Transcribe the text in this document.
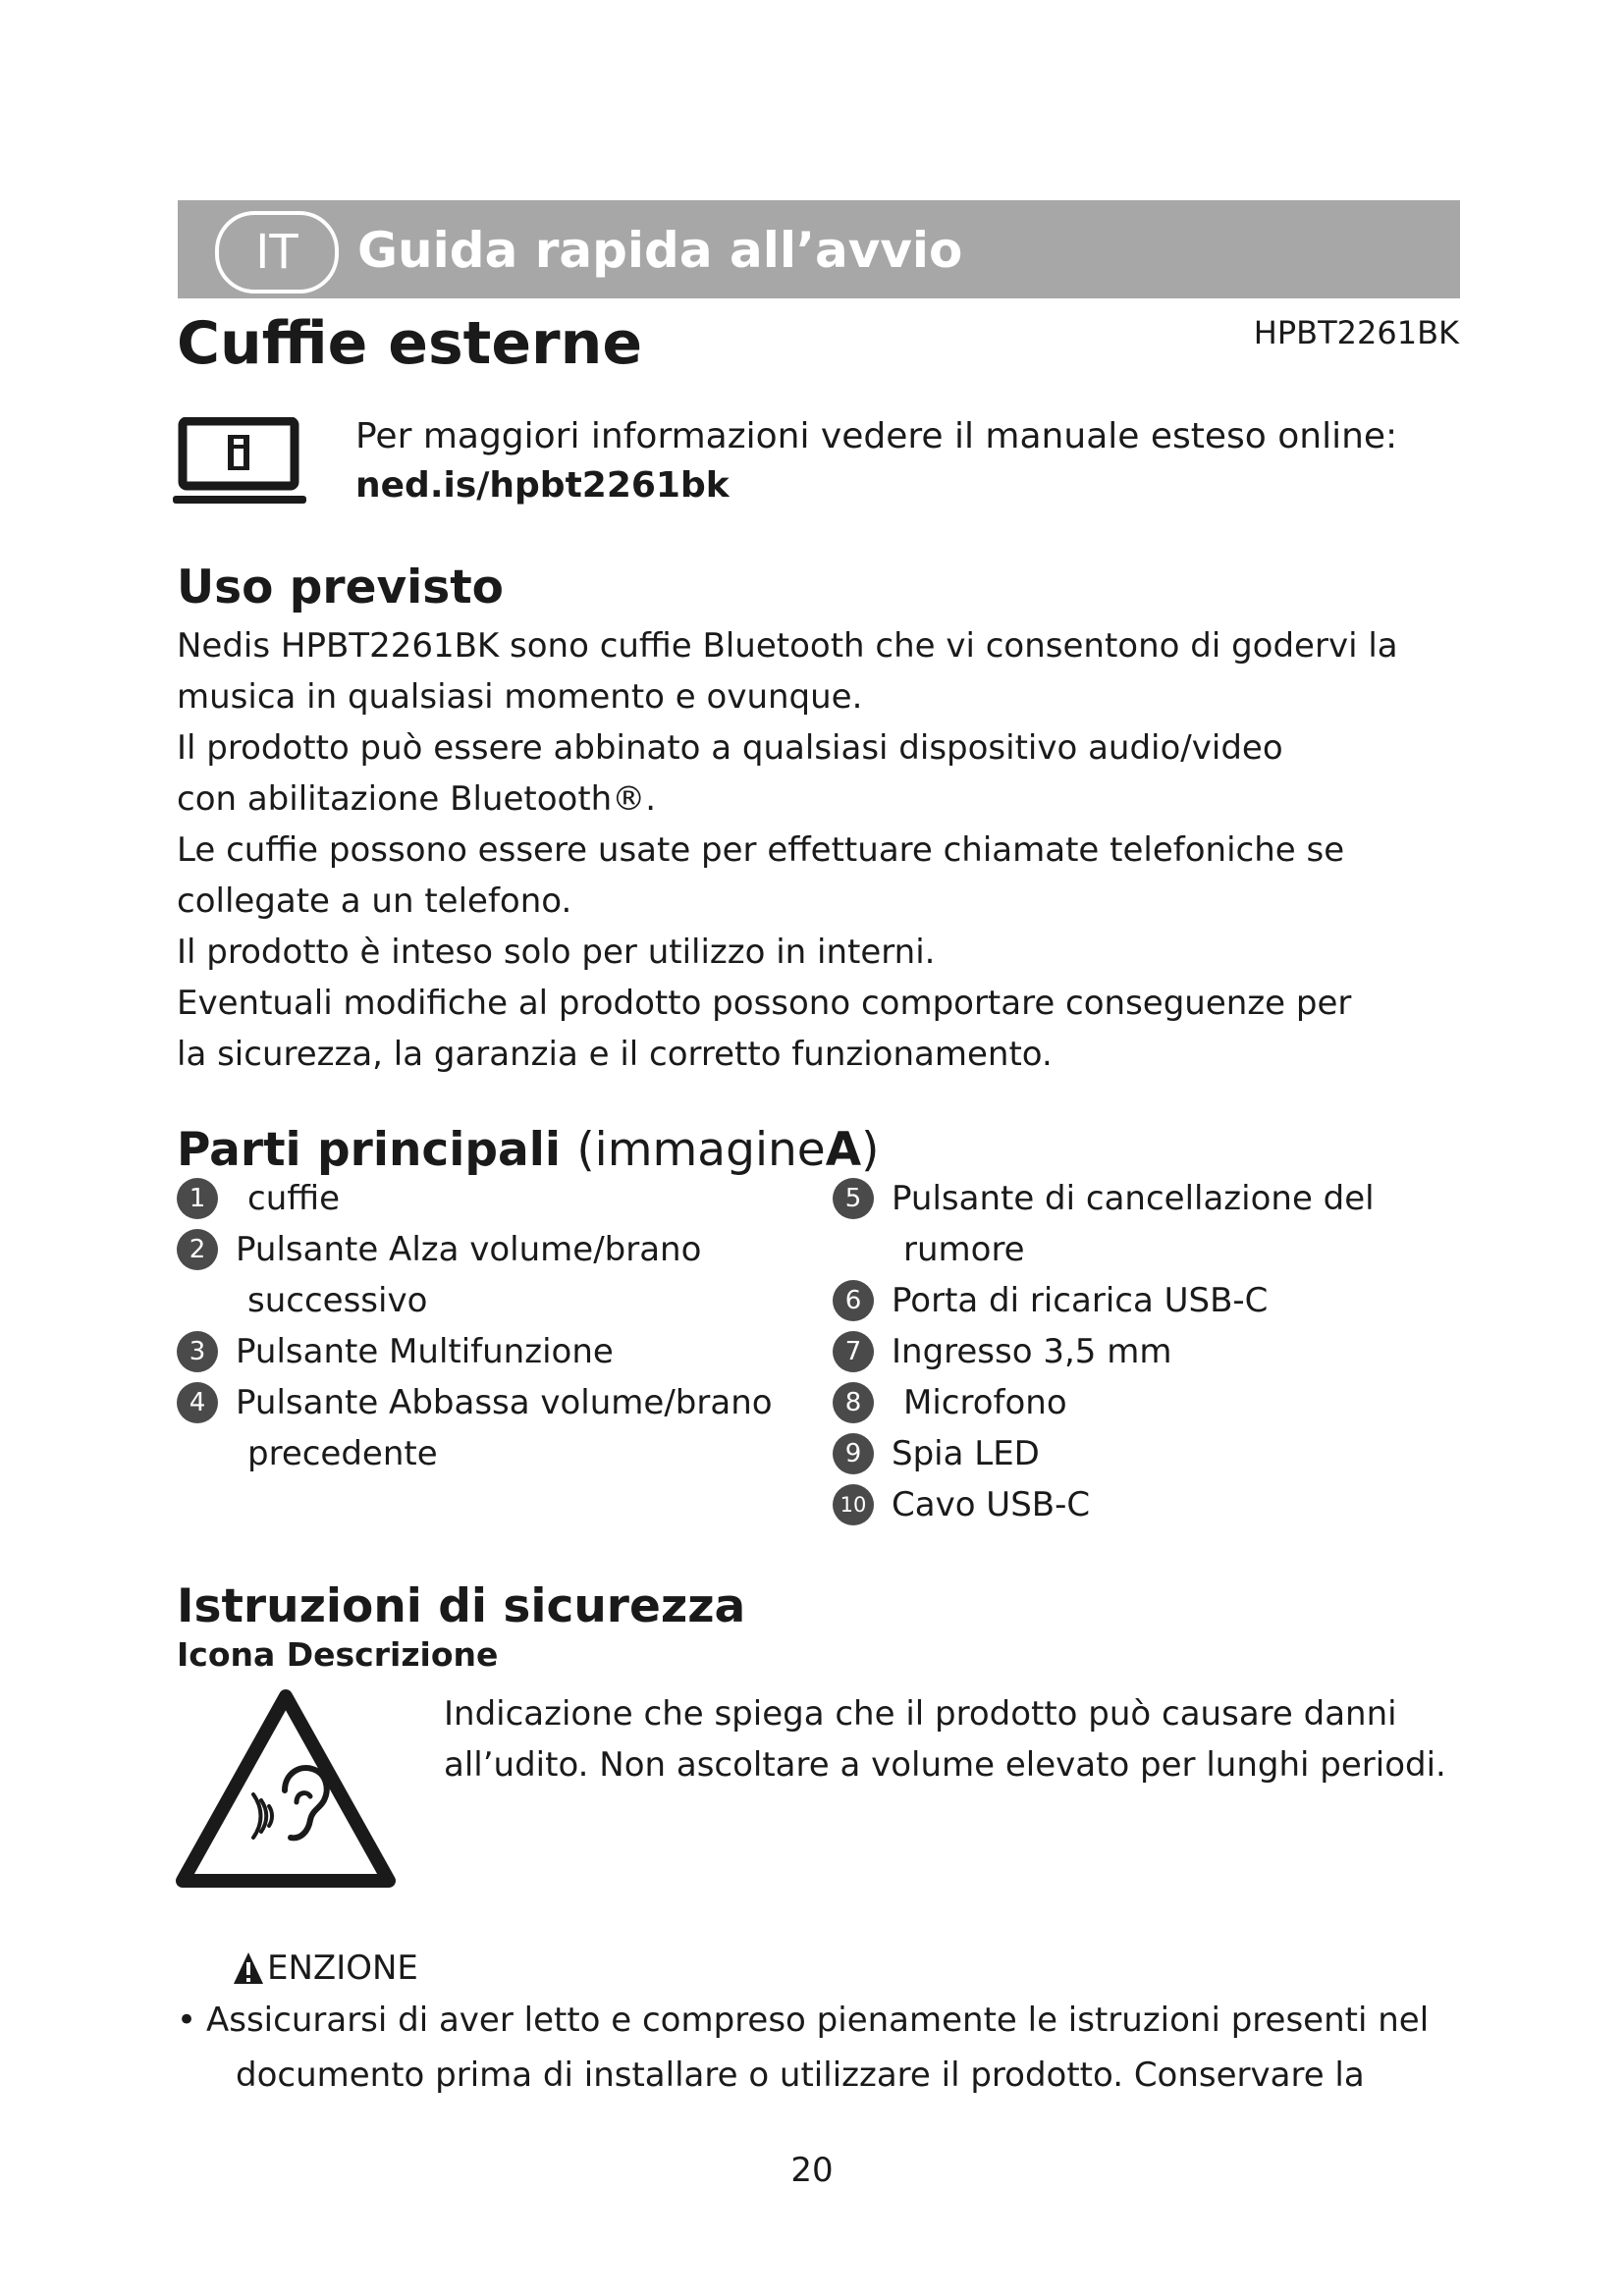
IT	Guida rapida all’avvio
Cuffie esterne	HPBT2261BK
Per maggiori informazioni vedere il manuale esteso online:
ned.is/hpbt2261bk
Uso previsto

Nedis HPBT2261BK sono cuffie Bluetooth che vi consentono di godervi la musica in qualsiasi momento e ovunque.

Il prodotto può essere abbinato a qualsiasi dispositivo audio/video con abilitazione Bluetooth®.

Le cuffie possono essere usate per effettuare chiamate telefoniche se collegate a un telefono.

Il prodotto è inteso solo per utilizzo in interni.

Eventuali modifiche al prodotto possono comportare conseguenze per la sicurezza, la garanzia e il corretto funzionamento.

Parti principali (immagineA)
1	cuffie
2 Pulsante Alza volume/brano
successivo
3 Pulsante Multifunzione
4 Pulsante Abbassa volume/brano
precedente
5 Pulsante di cancellazione del
rumore
6 Porta di ricarica USB-C
7 Ingresso 3,5 mm
8	Microfono
9 Spia LED
10 Cavo USB-C
Istruzioni di sicurezza
Icona Descrizione

Indicazione che spiega che il prodotto può causare danni

all’udito. Non ascoltare a volume elevato per lunghi periodi.

ENZIONE
• Assicurarsi di aver letto e compreso pienamente le istruzioni presenti nel
documento prima di installare o utilizzare il prodotto. Conservare la
20
